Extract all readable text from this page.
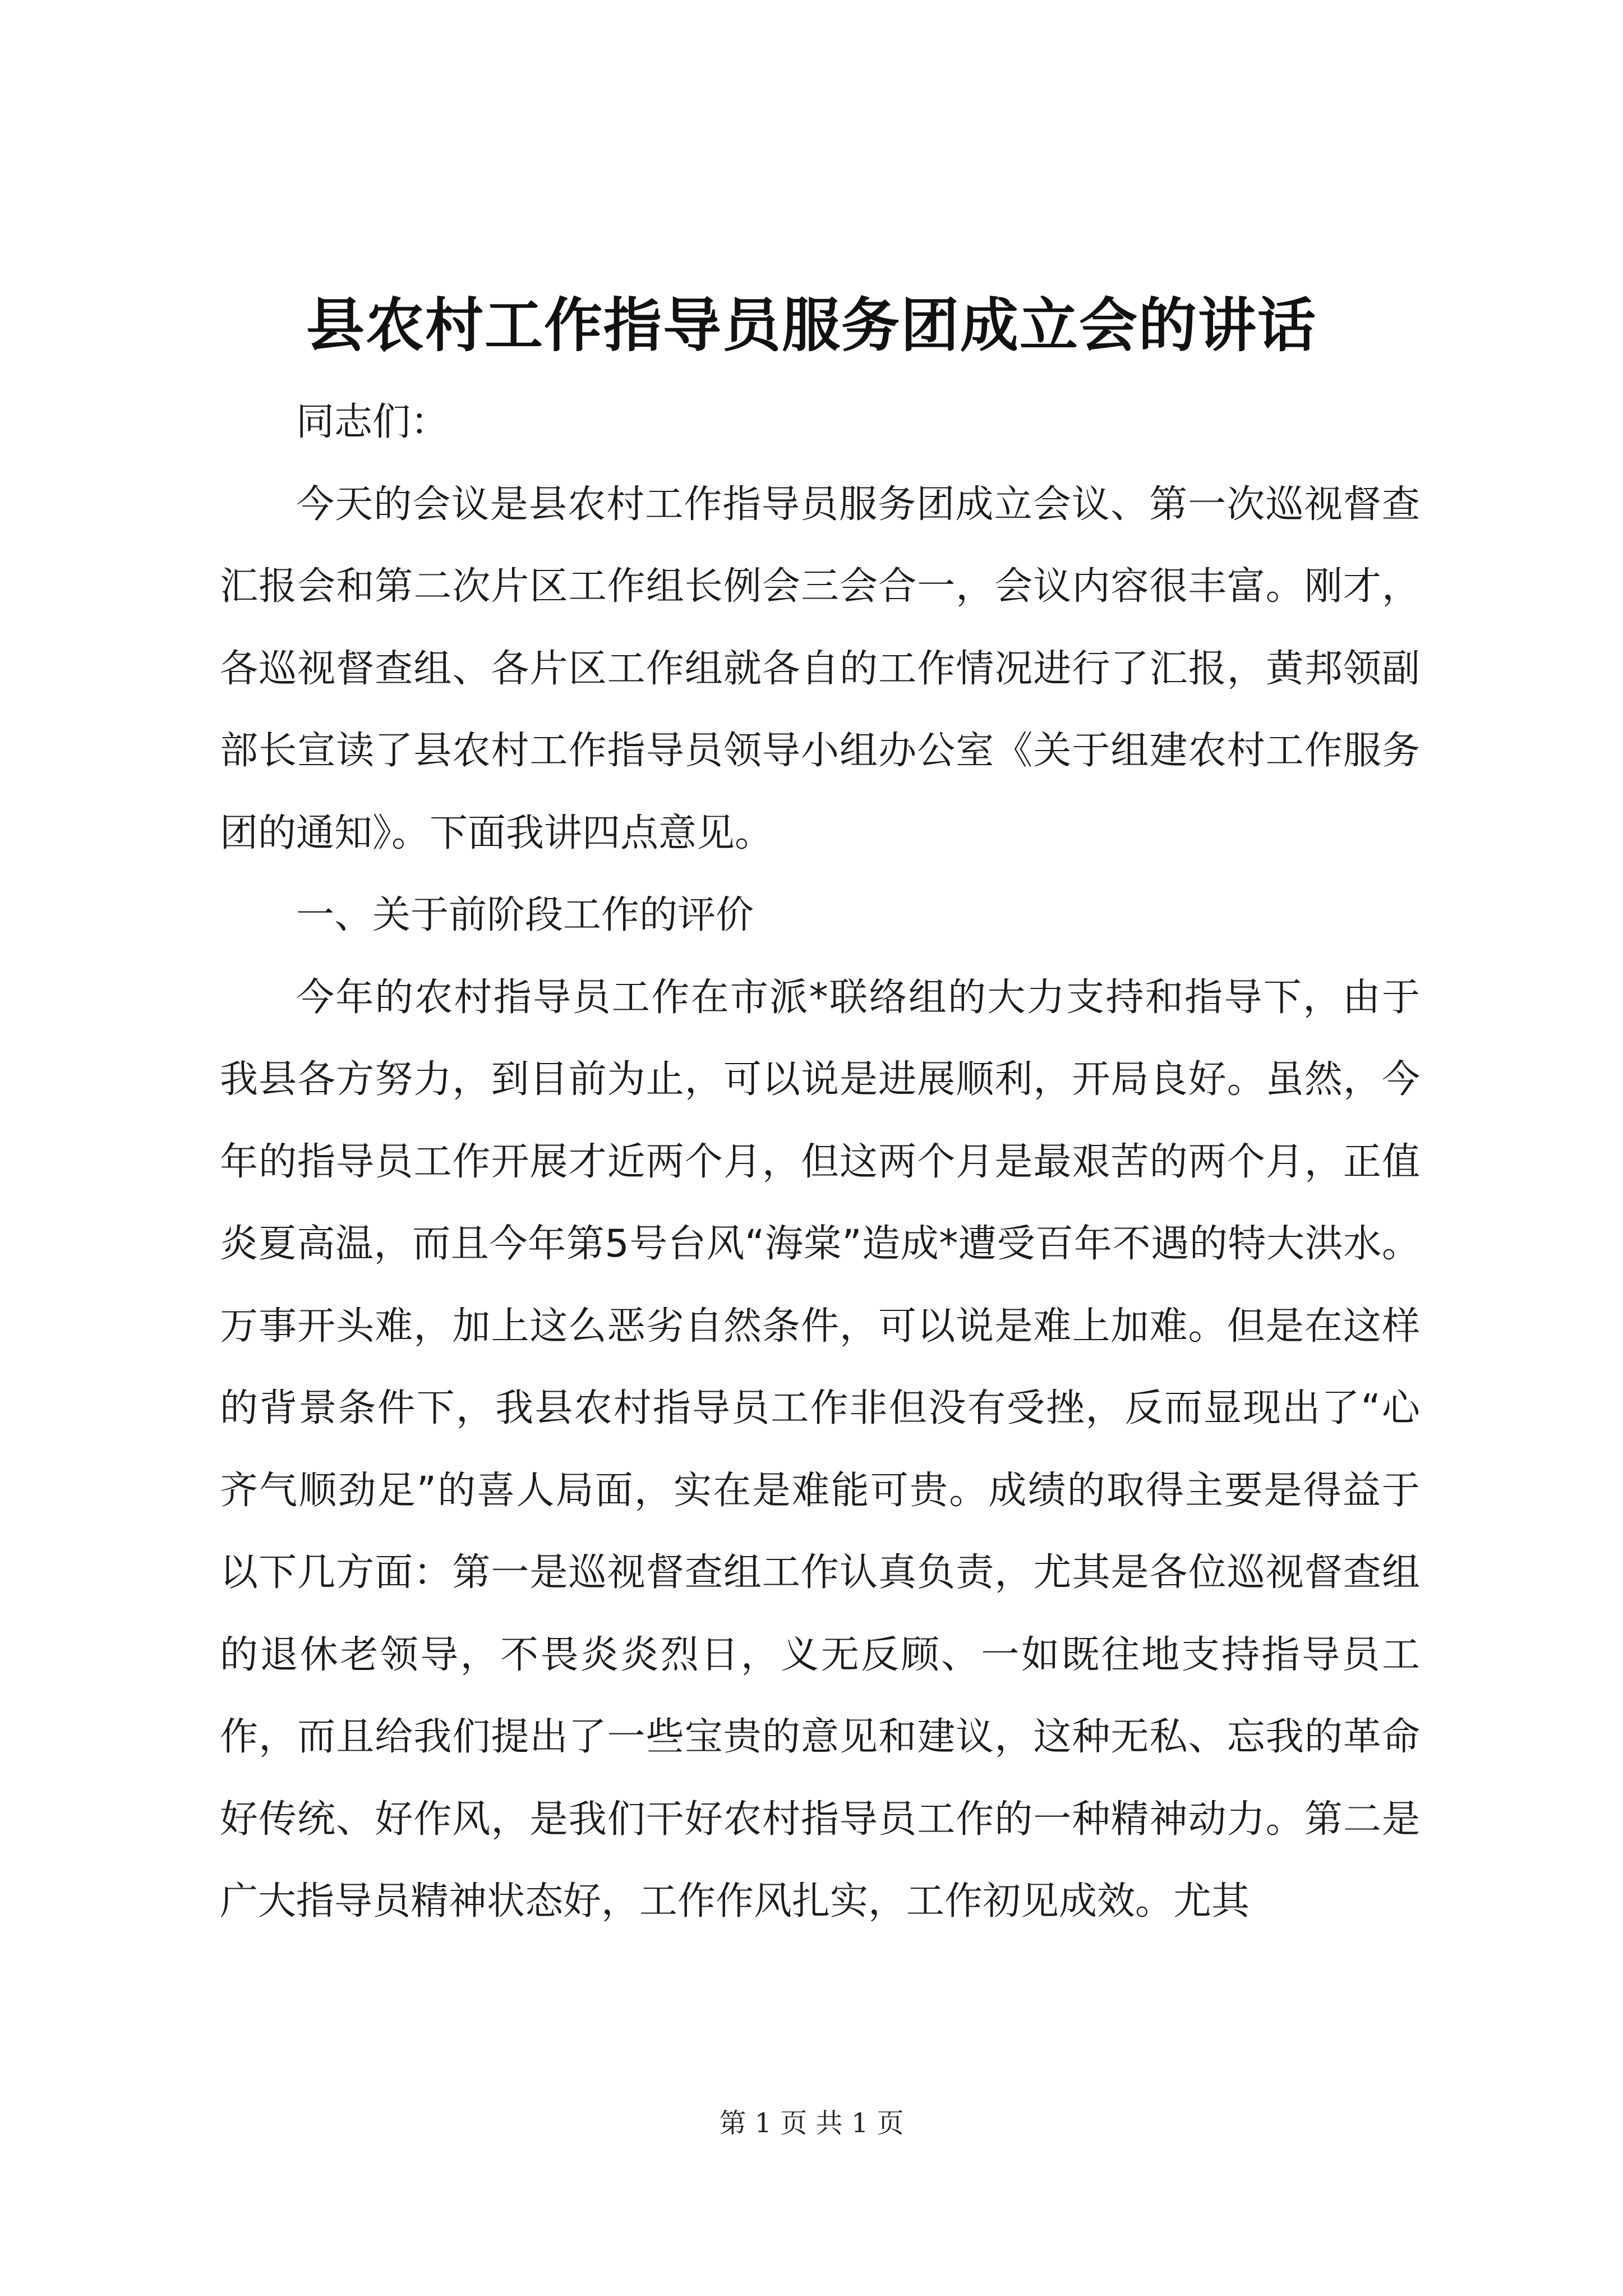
县农村工作指导员服务团成立会的讲话

同志们：

今天的会议是县农村工作指导员服务团成立会议、第一次巡视督查汇报会和第二次片区工作组长例会三会合一，会议内容很丰富。刚才，各巡视督查组、各片区工作组就各自的工作情况进行了汇报，黄邦领副部长宣读了县农村工作指导员领导小组办公室《关于组建农村工作服务团的通知》。下面我讲四点意见。

一、关于前阶段工作的评价

今年的农村指导员工作在市派*联络组的大力支持和指导下，由于我县各方努力，到目前为止，可以说是进展顺利，开局良好。虽然，今年的指导员工作开展才近两个月，但这两个月是最艰苦的两个月，正值炎夏高温，而且今年第5号台风“海棠”造成*遭受百年不遇的特大洪水。万事开头难，加上这么恶劣自然条件，可以说是难上加难。但是在这样的背景条件下，我县农村指导员工作非但没有受挫，反而显现出了“心齐气顺劲足”的喜人局面，实在是难能可贵。成绩的取得主要是得益于以下几方面：第一是巡视督查组工作认真负责，尤其是各位巡视督查组的退休老领导，不畏炎炎烈日，义无反顾、一如既往地支持指导员工作，而且给我们提出了一些宝贵的意见和建议，这种无私、忘我的革命好传统、好作风，是我们干好农村指导员工作的一种精神动力。第二是广大指导员精神状态好，工作作风扎实，工作初见成效。尤其

第 1 页 共 1 页
